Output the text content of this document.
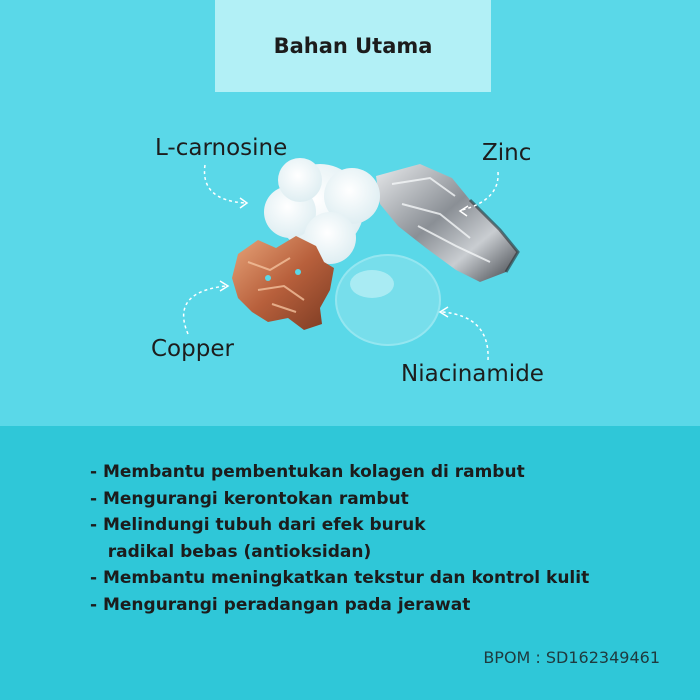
Bahan Utama
L-carnosine	Zinc
Copper
Niacinamide
- Membantu pembentukan kolagen di rambut
- Mengurangi kerontokan rambut
- Melindungi tubuh dari efek buruk
radikal bebas (antioksidan)
- Membantu meningkatkan tekstur dan kontrol kulit
- Mengurangi peradangan pada jerawat
BPOM : SD162349461
